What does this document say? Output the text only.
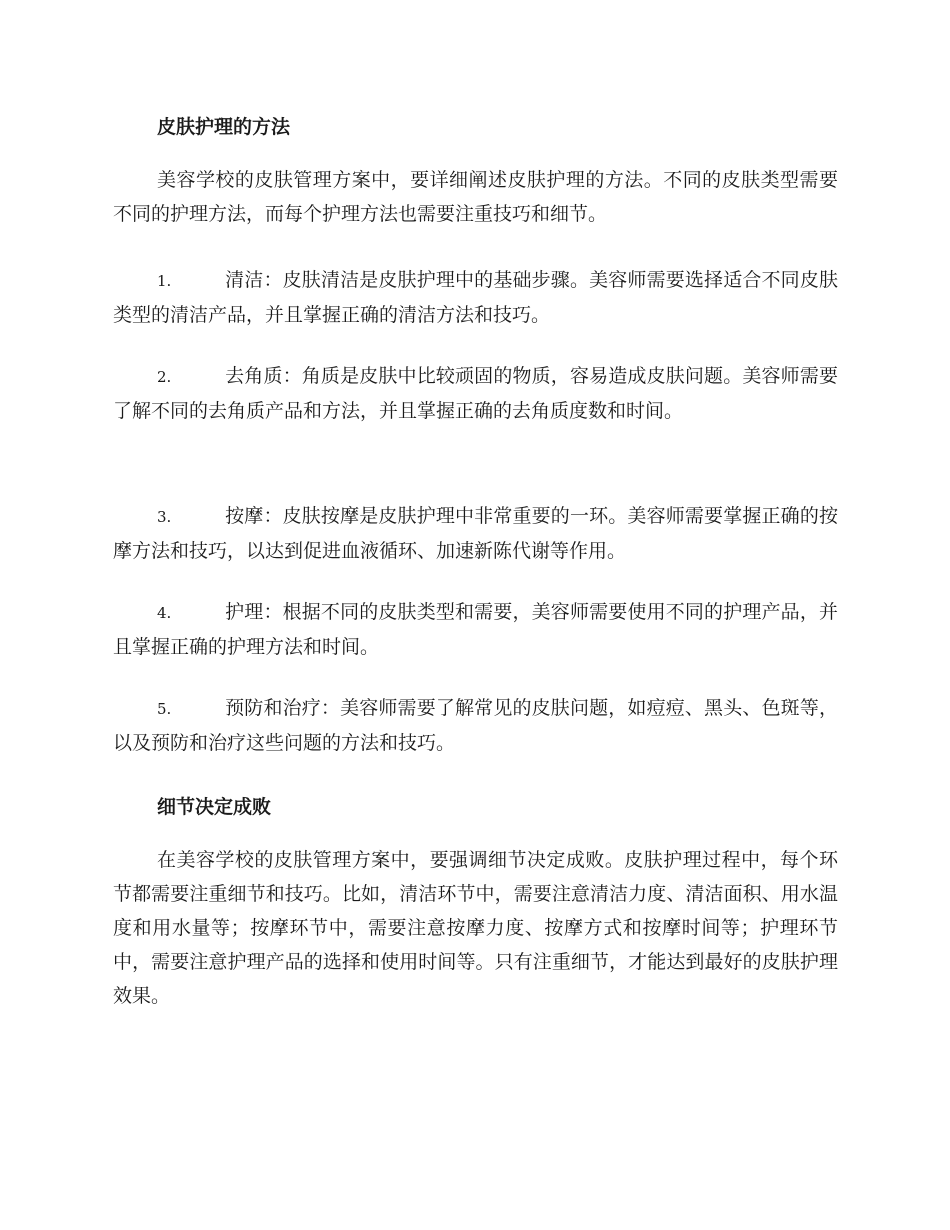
皮肤护理的方法
美容学校的皮肤管理方案中，要详细阐述皮肤护理的方法。不同的皮肤类型需要不同的护理方法，而每个护理方法也需要注重技巧和细节。
1.	清洁：皮肤清洁是皮肤护理中的基础步骤。美容师需要选择适合不同皮肤类型的清洁产品，并且掌握正确的清洁方法和技巧。
2.	去角质：角质是皮肤中比较顽固的物质，容易造成皮肤问题。美容师需要了解不同的去角质产品和方法，并且掌握正确的去角质度数和时间。
3.	按摩：皮肤按摩是皮肤护理中非常重要的一环。美容师需要掌握正确的按摩方法和技巧，以达到促进血液循环、加速新陈代谢等作用。
4.	护理：根据不同的皮肤类型和需要，美容师需要使用不同的护理产品，并且掌握正确的护理方法和时间。
5.	预防和治疗：美容师需要了解常见的皮肤问题，如痘痘、黑头、色斑等，以及预防和治疗这些问题的方法和技巧。
细节决定成败
在美容学校的皮肤管理方案中，要强调细节决定成败。皮肤护理过程中，每个环节都需要注重细节和技巧。比如，清洁环节中，需要注意清洁力度、清洁面积、用水温度和用水量等；按摩环节中，需要注意按摩力度、按摩方式和按摩时间等；护理环节中，需要注意护理产品的选择和使用时间等。只有注重细节，才能达到最好的皮肤护理效果。
